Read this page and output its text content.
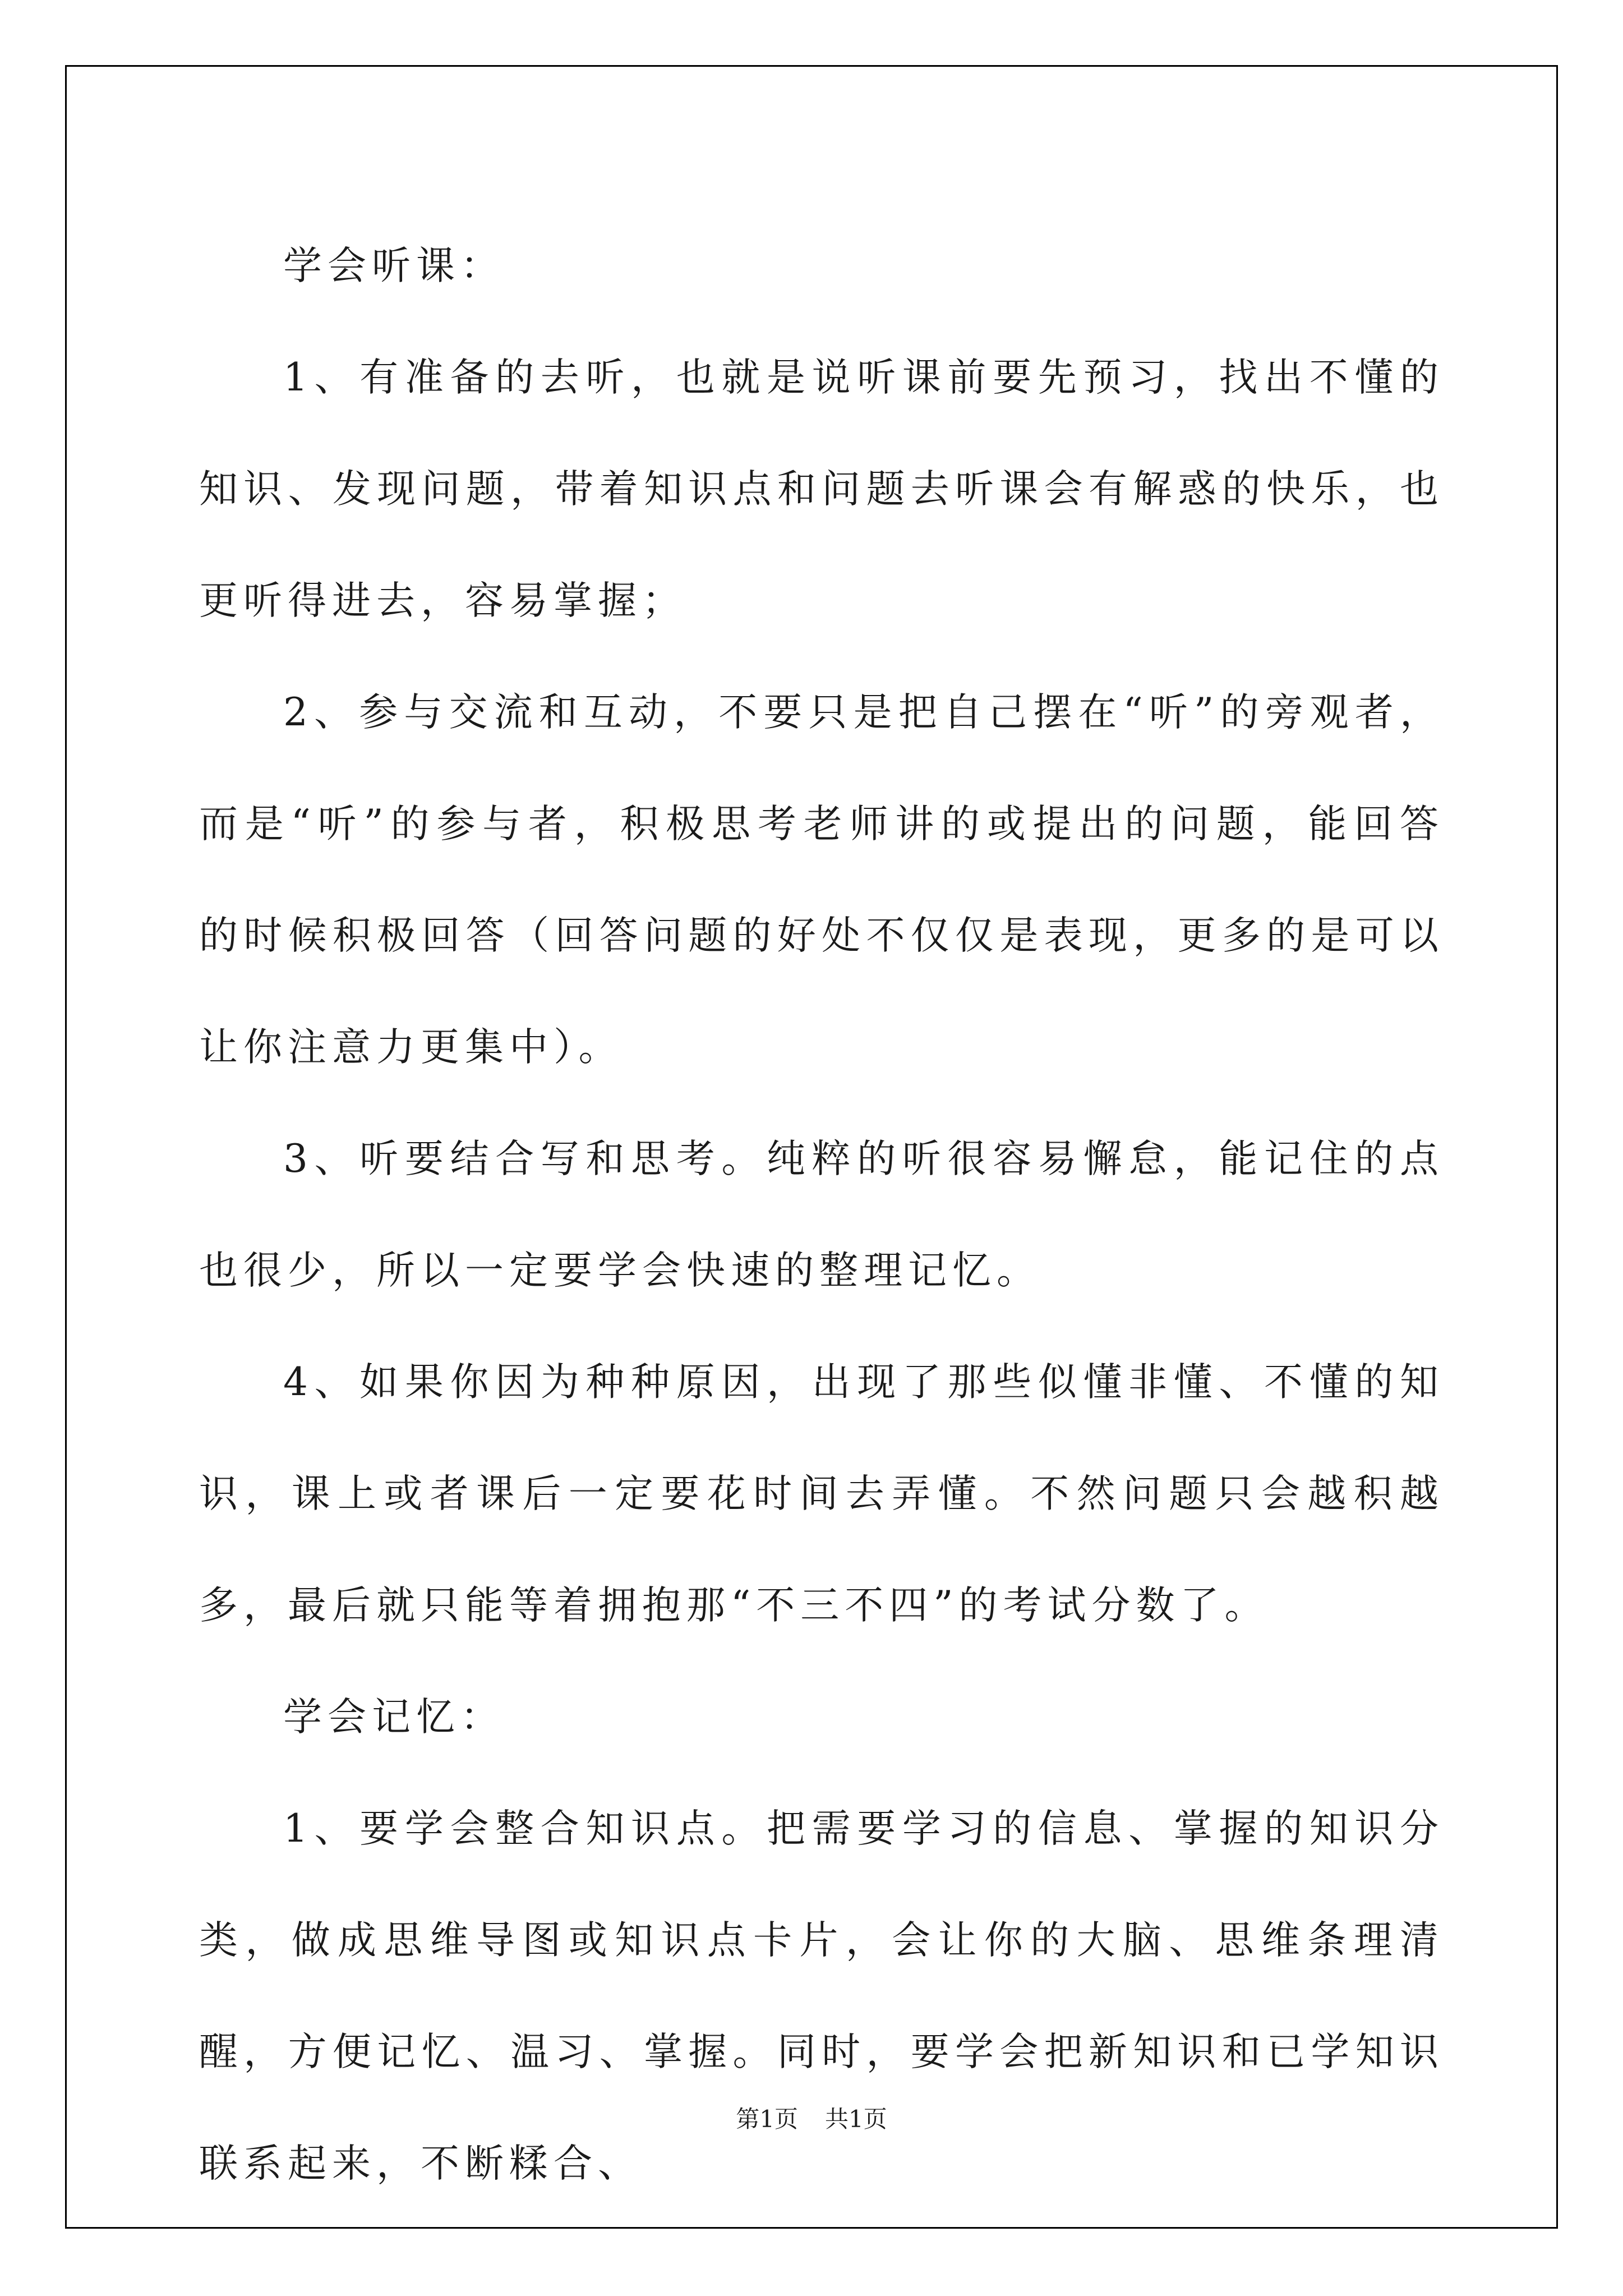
学会听课：

1、有准备的去听，也就是说听课前要先预习，找出不懂的知识、发现问题，带着知识点和问题去听课会有解惑的快乐，也更听得进去，容易掌握；

2、参与交流和互动，不要只是把自己摆在“听”的旁观者，而是“听”的参与者，积极思考老师讲的或提出的问题，能回答的时候积极回答（回答问题的好处不仅仅是表现，更多的是可以让你注意力更集中）。

3、听要结合写和思考。纯粹的听很容易懈怠，能记住的点也很少，所以一定要学会快速的整理记忆。

4、如果你因为种种原因，出现了那些似懂非懂、不懂的知识，课上或者课后一定要花时间去弄懂。不然问题只会越积越多，最后就只能等着拥抱那“不三不四”的考试分数了。

学会记忆：

1、要学会整合知识点。把需要学习的信息、掌握的知识分类，做成思维导图或知识点卡片，会让你的大脑、思维条理清醒，方便记忆、温习、掌握。同时，要学会把新知识和已学知识联系起来，不断糅合、

第1页 共1页
